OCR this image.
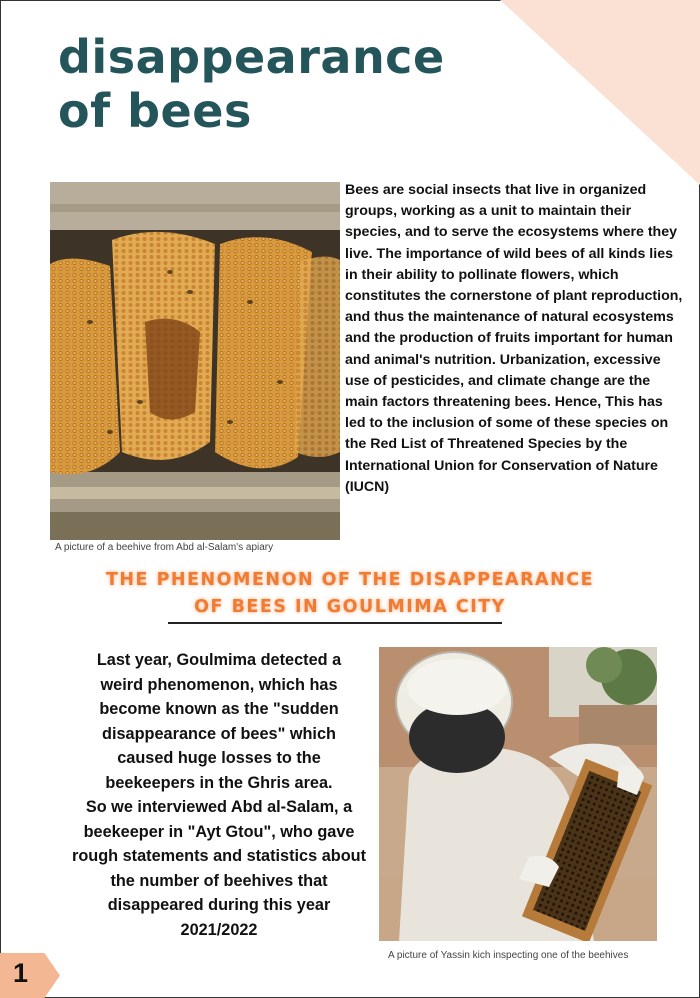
disappearance
of bees
A picture of a beehive from Abd al-Salam's apiary

Bees are social insects that live in organized groups, working as a unit to maintain their species, and to serve the ecosystems where they live. The importance of wild bees of all kinds lies in their ability to pollinate flowers, which constitutes the cornerstone of plant reproduction, and thus the maintenance of natural ecosystems and the production of fruits important for human and animal's nutrition. Urbanization, excessive use of pesticides, and climate change are the main factors threatening bees. Hence, This has led to the inclusion of some of these species on the Red List of Threatened Species by the International Union for Conservation of Nature (IUCN)

THE PHENOMENON OF THE DISAPPEARANCE
OF BEES IN GOULMIMA CITY

Last year, Goulmima detected a
weird phenomenon, which has
become known as the "sudden
disappearance of bees" which
caused huge losses to the
beekeepers in the Ghris area.
So we interviewed Abd al-Salam, a
beekeeper in "Ayt Gtou", who gave
rough statements and statistics about
the number of beehives that
disappeared during this year
2021/2022

A picture of Yassin kich inspecting one of the beehives
1
